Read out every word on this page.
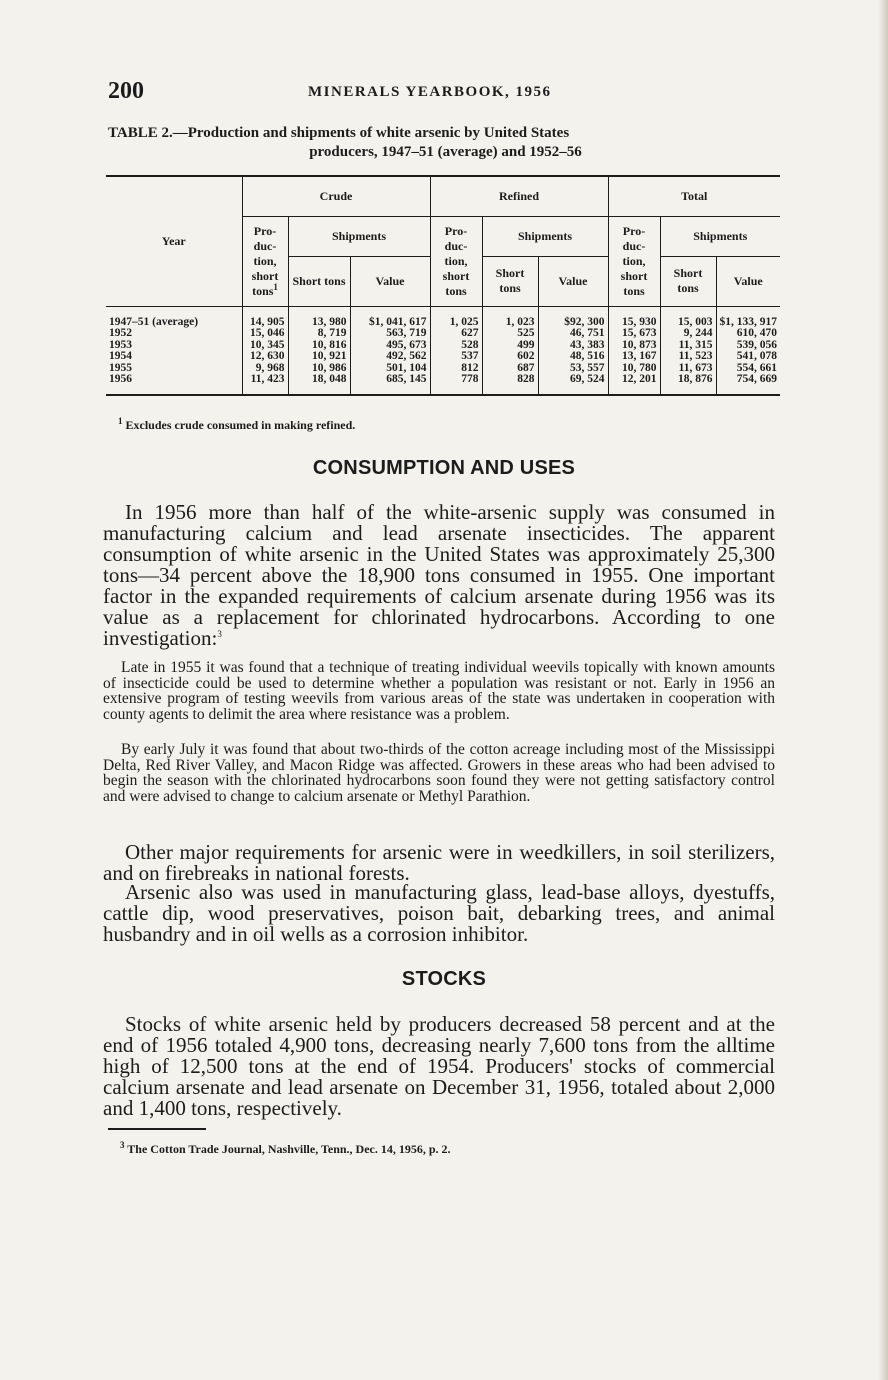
200	MINERALS YEARBOOK, 1956
TABLE 2.—Production and shipments of white arsenic by United States
producers, 1947–51 (average) and 1952–56
Year	Crude			Refined			Total		
	Pro-duc-tion, short tons$^1$	Shipments		Pro-duc-tion, short tons	Shipments		Pro-duc-tion, short tons	Shipments	
		Short tons	Value		Short tons	Value		Short tons	Value
1947–51 (average)	14, 905	13, 980	$1, 041, 617	1, 025	1, 023	$92, 300	15, 930	15, 003	$1, 133, 917
1952	15, 046	8, 719	563, 719	627	525	46, 751	15, 673	9, 244	610, 470
1953	10, 345	10, 816	495, 673	528	499	43, 383	10, 873	11, 315	539, 056
1954	12, 630	10, 921	492, 562	537	602	48, 516	13, 167	11, 523	541, 078
1955	9, 968	10, 986	501, 104	812	687	53, 557	10, 780	11, 673	554, 661
1956	11, 423	18, 048	685, 145	778	828	69, 524	12, 201	18, 876	754, 669
$^1$ Excludes crude consumed in making refined.
CONSUMPTION AND USES

In 1956 more than half of the white-arsenic supply was consumed in manufacturing calcium and lead arsenate insecticides. The apparent consumption of white arsenic in the United States was approximately 25,300 tons—34 percent above the 18,900 tons consumed in 1955. One important factor in the expanded requirements of calcium arsenate during 1956 was its value as a replacement for chlorinated hydrocarbons. According to one investigation:$^3$

Late in 1955 it was found that a technique of treating individual weevils topically with known amounts of insecticide could be used to determine whether a population was resistant or not. Early in 1956 an extensive program of testing weevils from various areas of the state was undertaken in cooperation with county agents to delimit the area where resistance was a problem.

By early July it was found that about two-thirds of the cotton acreage including most of the Mississippi Delta, Red River Valley, and Macon Ridge was affected. Growers in these areas who had been advised to begin the season with the chlorinated hydrocarbons soon found they were not getting satisfactory control and were advised to change to calcium arsenate or Methyl Parathion.

Other major requirements for arsenic were in weedkillers, in soil sterilizers, and on firebreaks in national forests.

Arsenic also was used in manufacturing glass, lead-base alloys, dyestuffs, cattle dip, wood preservatives, poison bait, debarking trees, and animal husbandry and in oil wells as a corrosion inhibitor.

STOCKS

Stocks of white arsenic held by producers decreased 58 percent and at the end of 1956 totaled 4,900 tons, decreasing nearly 7,600 tons from the alltime high of 12,500 tons at the end of 1954. Producers' stocks of commercial calcium arsenate and lead arsenate on December 31, 1956, totaled about 2,000 and 1,400 tons, respectively.

$^3$ The Cotton Trade Journal, Nashville, Tenn., Dec. 14, 1956, p. 2.
